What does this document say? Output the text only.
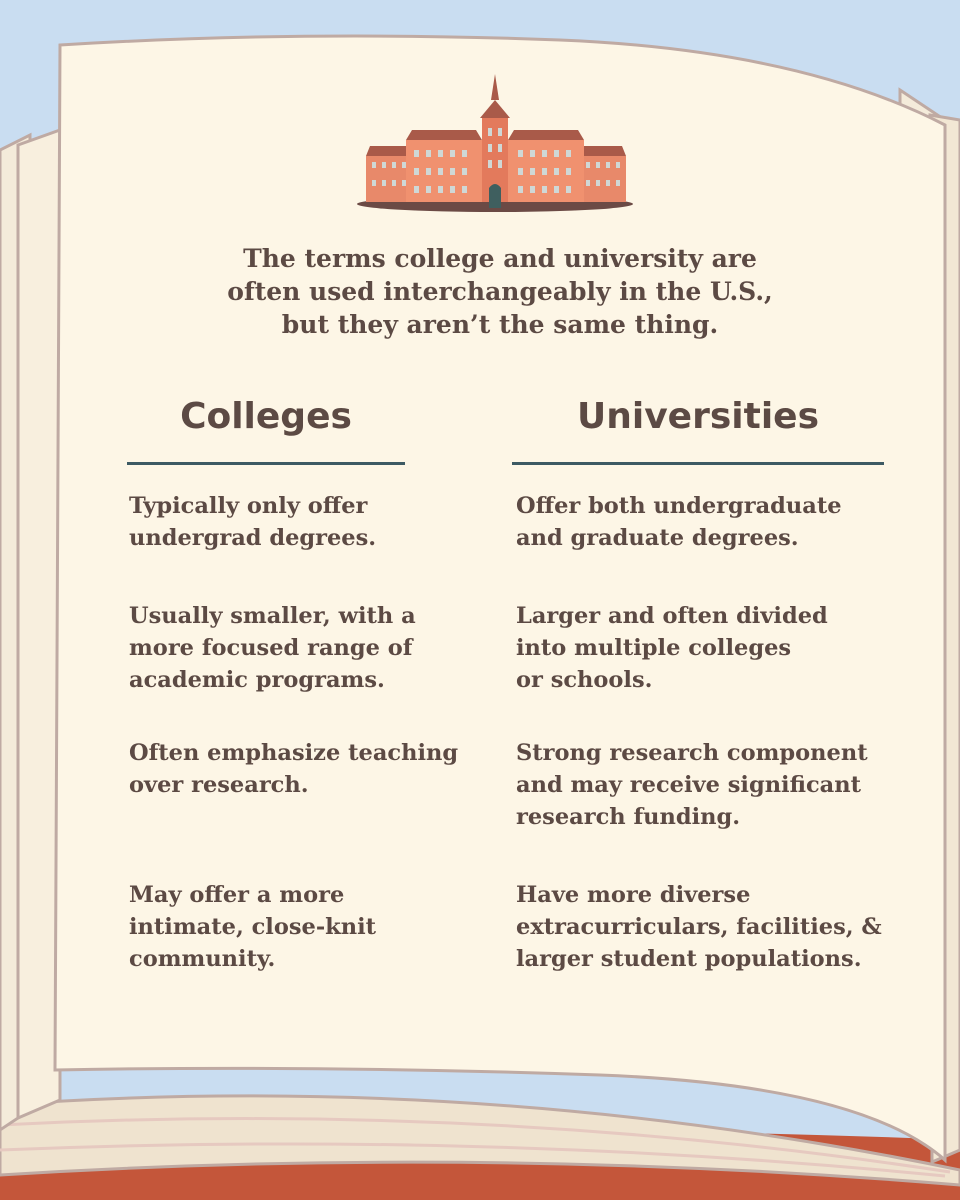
The terms college and university are
often used interchangeably in the U.S.,
but they aren’t the same thing.
Colleges	Universities
Typically only offer
undergrad degrees.
Usually smaller, with a
more focused range of
academic programs.
Often emphasize teaching
over research.
May offer a more
intimate, close-knit
community.
Offer both undergraduate
and graduate degrees.
Larger and often divided
into multiple colleges
or schools.
Strong research component
and may receive significant
research funding.
Have more diverse
extracurriculars, facilities, &
larger student populations.
